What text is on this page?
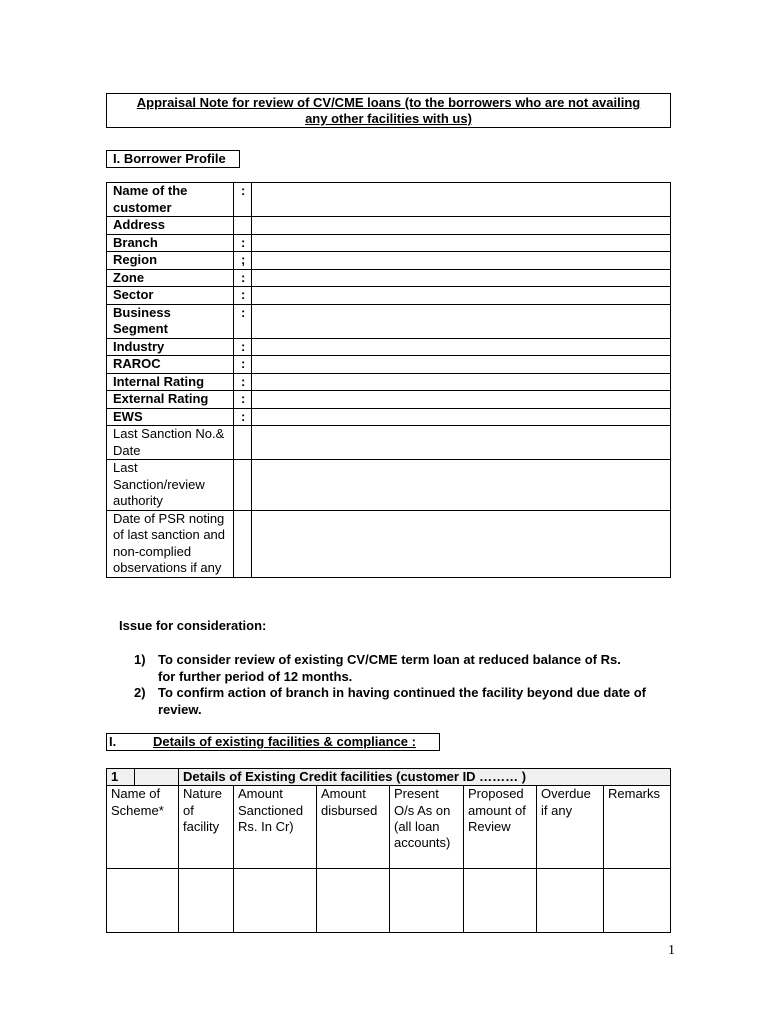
Appraisal Note for review of CV/CME loans (to the borrowers who are not availing
any other facilities with us)
I. Borrower Profile
Name of the customer	:	
Address		
Branch	:	
Region	;	
Zone	:	
Sector	:	
Business Segment	:	
Industry	:	
RAROC	:	
Internal Rating	:	
External Rating	:	
EWS	:	
Last Sanction No.& Date		
Last Sanction/review authority		
Date of PSR noting of last sanction and non-complied observations if any		
Issue for consideration:
1) To consider review of existing CV/CME term loan at reduced balance of Rs.
for further period of 12 months.
2) To confirm action of branch in having continued the facility beyond due date of
review.
I.	Details of existing facilities & compliance :
1		Details of Existing Credit facilities (customer ID ……… )						
Name of Scheme*		Nature of facility	Amount Sanctioned Rs. In Cr)	Amount disbursed	Present O/s As on (all loan accounts)	Proposed amount of Review	Overdue if any	Remarks

1
